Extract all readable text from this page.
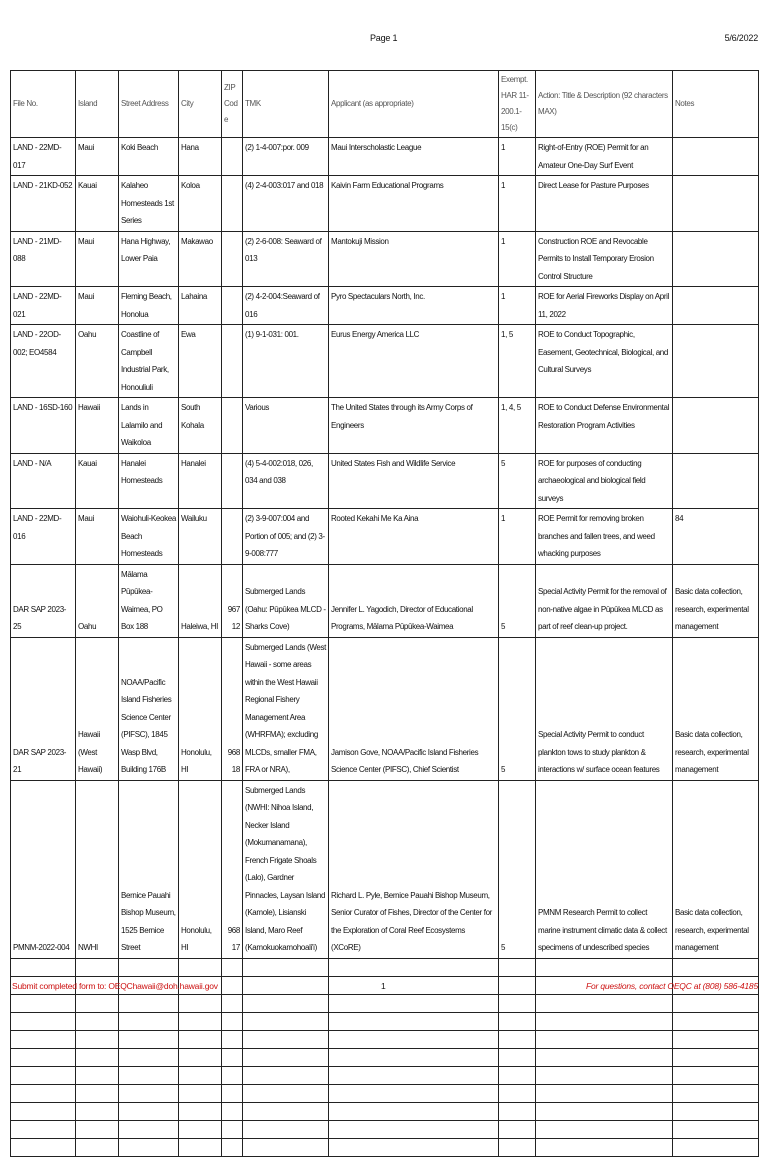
Page 1	5/6/2022
File No.	Island	Street Address	City	ZIP Code	TMK	Applicant (as appropriate)	Exempt. HAR 11-200.1-15(c)	Action: Title & Description (92 characters MAX)	Notes
LAND - 22MD-017	Maui	Koki Beach	Hana		(2) 1-4-007:por. 009	Maui Interscholastic League	1	Right-of-Entry (ROE) Permit for an Amateur One-Day Surf Event	
LAND - 21KD-052	Kauai	Kalaheo Homesteads 1st Series	Koloa		(4) 2-4-003:017 and 018	Kaivin Farm Educational Programs	1	Direct Lease for Pasture Purposes	
LAND - 21MD-088	Maui	Hana Highway, Lower Paia	Makawao		(2) 2-6-008: Seaward of 013	Mantokuji Mission	1	Construction ROE and Revocable Permits to Install Temporary Erosion Control Structure	
LAND - 22MD-021	Maui	Fleming Beach, Honolua	Lahaina		(2) 4-2-004:Seaward of 016	Pyro Spectaculars North, Inc.	1	ROE for Aerial Fireworks Display on April 11, 2022	
LAND - 22OD-002; EO4584	Oahu	Coastline of Campbell Industrial Park, Honouliuli	Ewa		(1) 9-1-031: 001.	Eurus Energy America LLC	1, 5	ROE to Conduct Topographic, Easement, Geotechnical, Biological, and Cultural Surveys	
LAND - 16SD-160	Hawaii	Lands in Lalamilo and Waikoloa	South Kohala		Various	The United States through its Army Corps of Engineers	1, 4, 5	ROE to Conduct Defense Environmental Restoration Program Activities	
LAND - N/A	Kauai	Hanalei Homesteads	Hanalei		(4) 5-4-002:018, 026, 034 and 038	United States Fish and Wildlife Service	5	ROE for purposes of conducting archaeological and biological field surveys	
LAND - 22MD-016	Maui	Waiohuli-Keokea Beach Homesteads	Wailuku		(2) 3-9-007:004 and Portion of 005; and (2) 3-9-008:777	Rooted Kekahi Me Ka Aina	1	ROE Permit for removing broken branches and fallen trees, and weed whacking purposes	84
DAR SAP 2023-25	Oahu	Mālama Pūpūkea-Waimea, PO Box 188	Haleiwa, HI	96712	Submerged Lands (Oahu: Pūpūkea MLCD - Sharks Cove)	Jennifer L. Yagodich, Director of Educational Programs, Mālama Pūpūkea-Waimea	5	Special Activity Permit for the removal of non-native algae in Pūpūkea MLCD as part of reef clean-up project.	Basic data collection, research, experimental management
DAR SAP 2023-21	Hawaii (West Hawaii)	NOAA/Pacific Island Fisheries Science Center (PIFSC), 1845 Wasp Blvd, Building 176B	Honolulu, HI	96818	Submerged Lands (West Hawaii - some areas within the West Hawaii Regional Fishery Management Area (WHRFMA); excluding MLCDs, smaller FMA, FRA or NRA),	Jamison Gove, NOAA/Pacific Island Fisheries Science Center (PIFSC), Chief Scientist	5	Special Activity Permit to conduct plankton tows to study plankton & interactions w/ surface ocean features	Basic data collection, research, experimental management
PMNM-2022-004	NWHI	Bernice Pauahi Bishop Museum, 1525 Bernice Street	Honolulu, HI	96817	Submerged Lands (NWHI: Nihoa Island, Necker Island (Mokumanamana), French Frigate Shoals (Lalo), Gardner Pinnacles, Laysan Island (Kamole), Lisianski Island, Maro Reef (Kamokuokamohoali'i)	Richard L. Pyle, Bernice Pauahi Bishop Museum, Senior Curator of Fishes, Director of the Center for the Exploration of Coral Reef Ecosystems (XCoRE)	5	PMNM Research Permit to collect marine instrument climatic data & collect specimens of undescribed species	Basic data collection, research, experimental management

Submit completed form to: OEQChawaii@doh.hawaii.gov	1	For questions, contact OEQC at (808) 586-4185
